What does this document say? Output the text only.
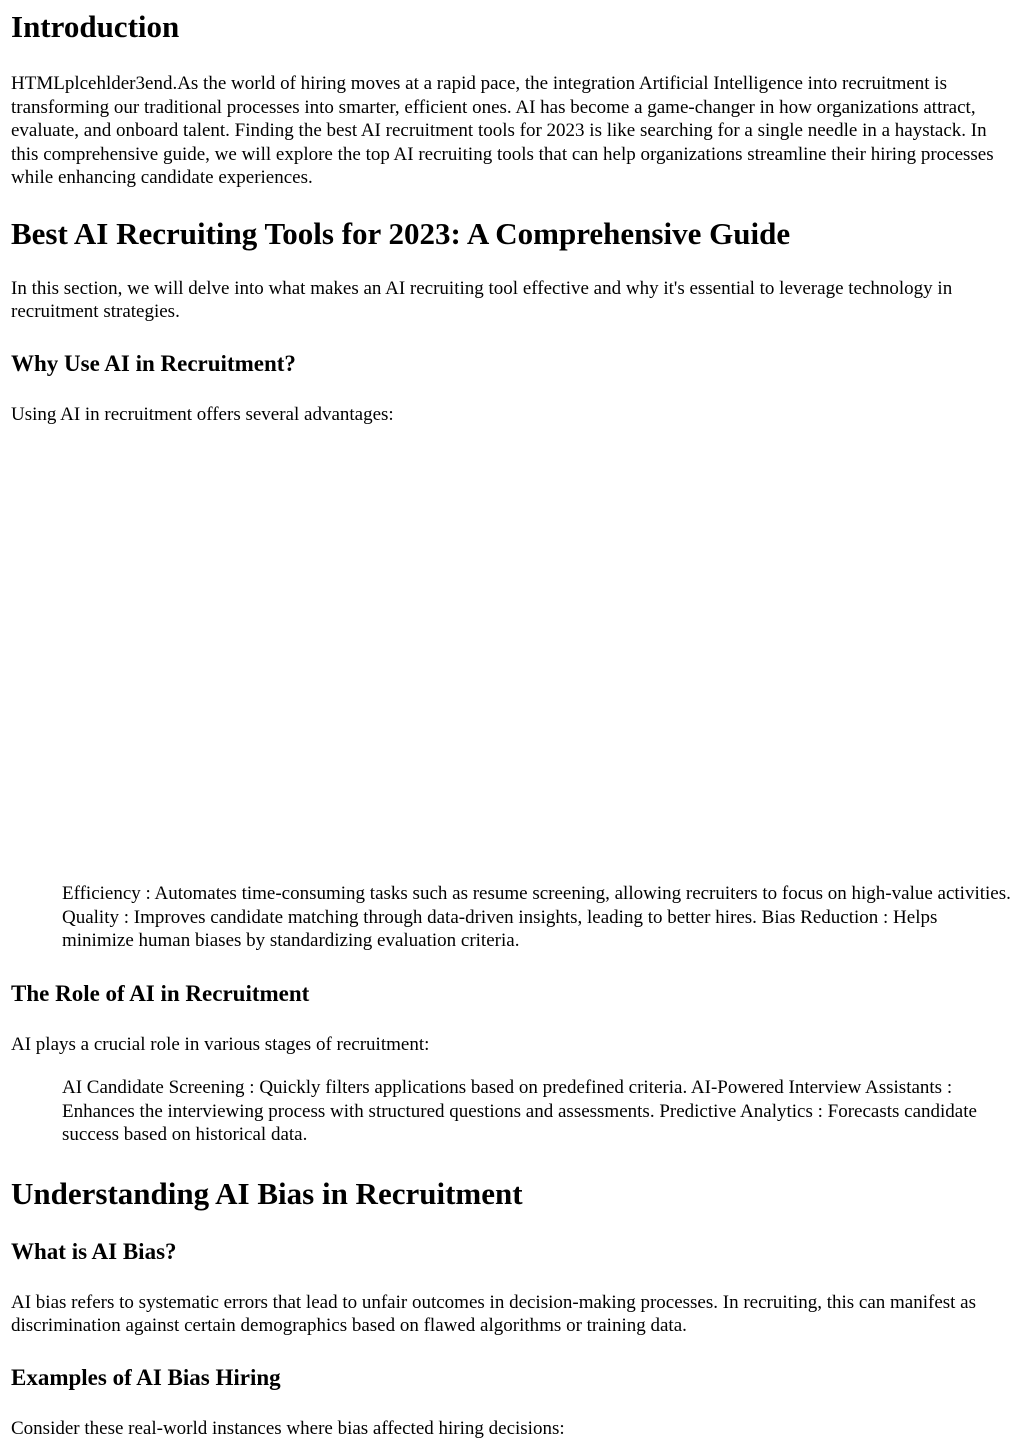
Introduction

HTMLplcehlder3end.As the world of hiring moves at a rapid pace, the integration Artificial Intelligence into recruitment is transforming our traditional processes into smarter, efficient ones. AI has become a game-changer in how organizations attract, evaluate, and onboard talent. Finding the best AI recruitment tools for 2023 is like searching for a single needle in a haystack. In this comprehensive guide, we will explore the top AI recruiting tools that can help organizations streamline their hiring processes while enhancing candidate experiences.

Best AI Recruiting Tools for 2023: A Comprehensive Guide

In this section, we will delve into what makes an AI recruiting tool effective and why it's essential to leverage technology in recruitment strategies.

Why Use AI in Recruitment?

Using AI in recruitment offers several advantages:

Efficiency : Automates time-consuming tasks such as resume screening, allowing recruiters to focus on high-value activities. Quality : Improves candidate matching through data-driven insights, leading to better hires. Bias Reduction : Helps minimize human biases by standardizing evaluation criteria.
The Role of AI in Recruitment

AI plays a crucial role in various stages of recruitment:

AI Candidate Screening : Quickly filters applications based on predefined criteria. AI-Powered Interview Assistants : Enhances the interviewing process with structured questions and assessments. Predictive Analytics : Forecasts candidate success based on historical data.
Understanding AI Bias in Recruitment
What is AI Bias?

AI bias refers to systematic errors that lead to unfair outcomes in decision-making processes. In recruiting, this can manifest as discrimination against certain demographics based on flawed algorithms or training data.

Examples of AI Bias Hiring

Consider these real-world instances where bias affected hiring decisions:
